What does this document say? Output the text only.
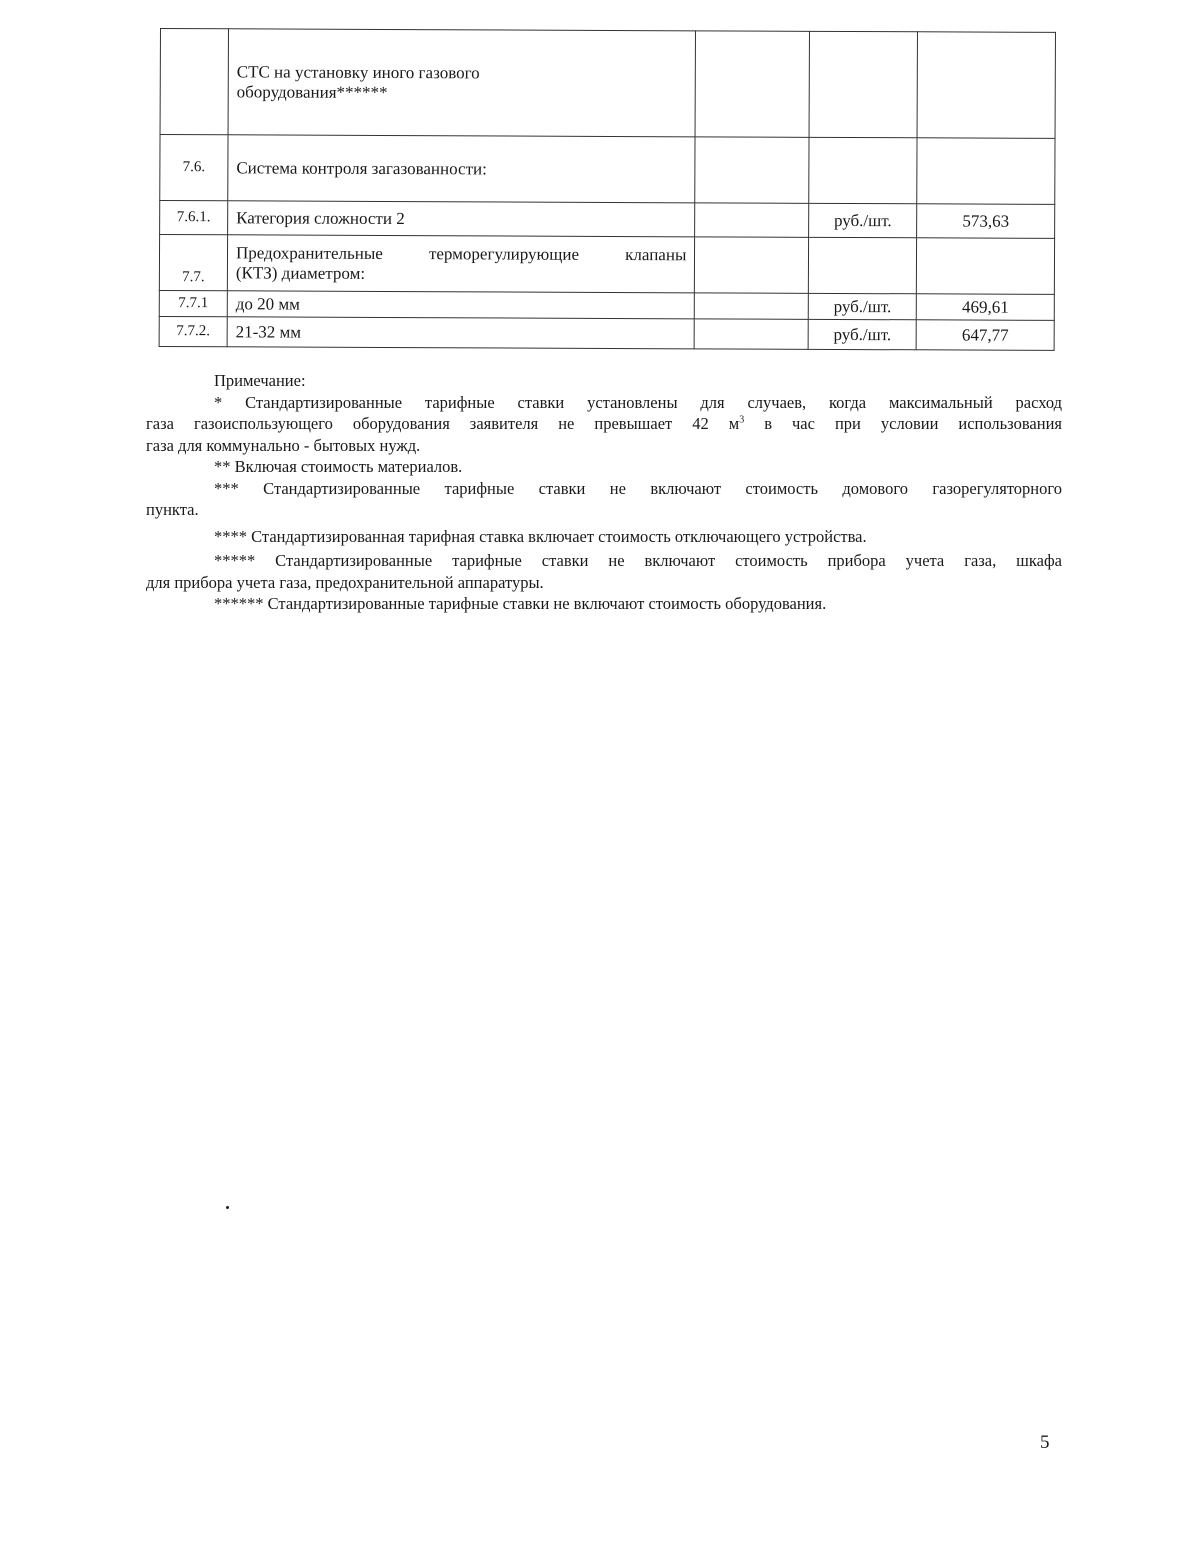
	СТС на установку иного газового
оборудования******			

7.6.	Система контроля загазованности:			
7.6.1.	Категория сложности 2		руб./шт.	573,63
7.7.	Предохранительные терморегулирующие клапаны
(КТЗ) диаметром:			

7.7.1	до 20 мм		руб./шт.	469,61
7.7.2.	21-32 мм		руб./шт.	647,77

Примечание:

* Стандартизированные тарифные ставки установлены для случаев, когда максимальный расход

газа газоиспользующего оборудования заявителя не превышает 42 $м^3$ в час при условии использования

газа для коммунально - бытовых нужд.

** Включая стоимость материалов.

*** Стандартизированные тарифные ставки не включают стоимость домового газорегуляторного

пункта.

**** Стандартизированная тарифная ставка включает стоимость отключающего устройства.

***** Стандартизированные тарифные ставки не включают стоимость прибора учета газа, шкафа

для прибора учета газа, предохранительной аппаратуры.

****** Стандартизированные тарифные ставки не включают стоимость оборудования.

5
